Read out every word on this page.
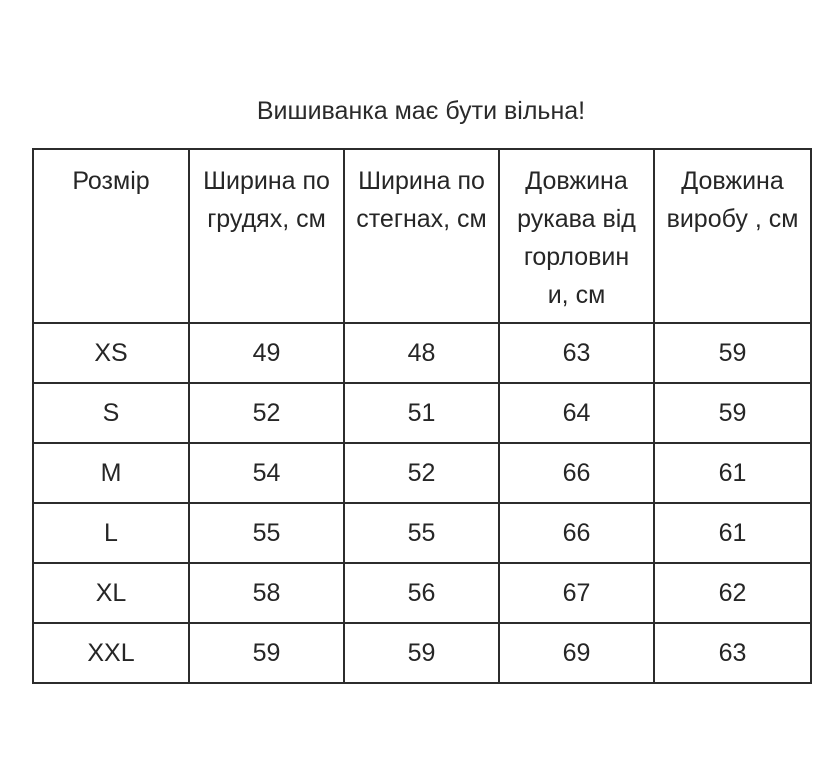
Вишиванка має бути вільна!
Розмір	Ширина по грудях, см	Ширина по стегнах, см	Довжина рукава від горловин и, см	Довжина виробу , см
XS	49	48	63	59
S	52	51	64	59
M	54	52	66	61
L	55	55	66	61
XL	58	56	67	62
XXL	59	59	69	63
